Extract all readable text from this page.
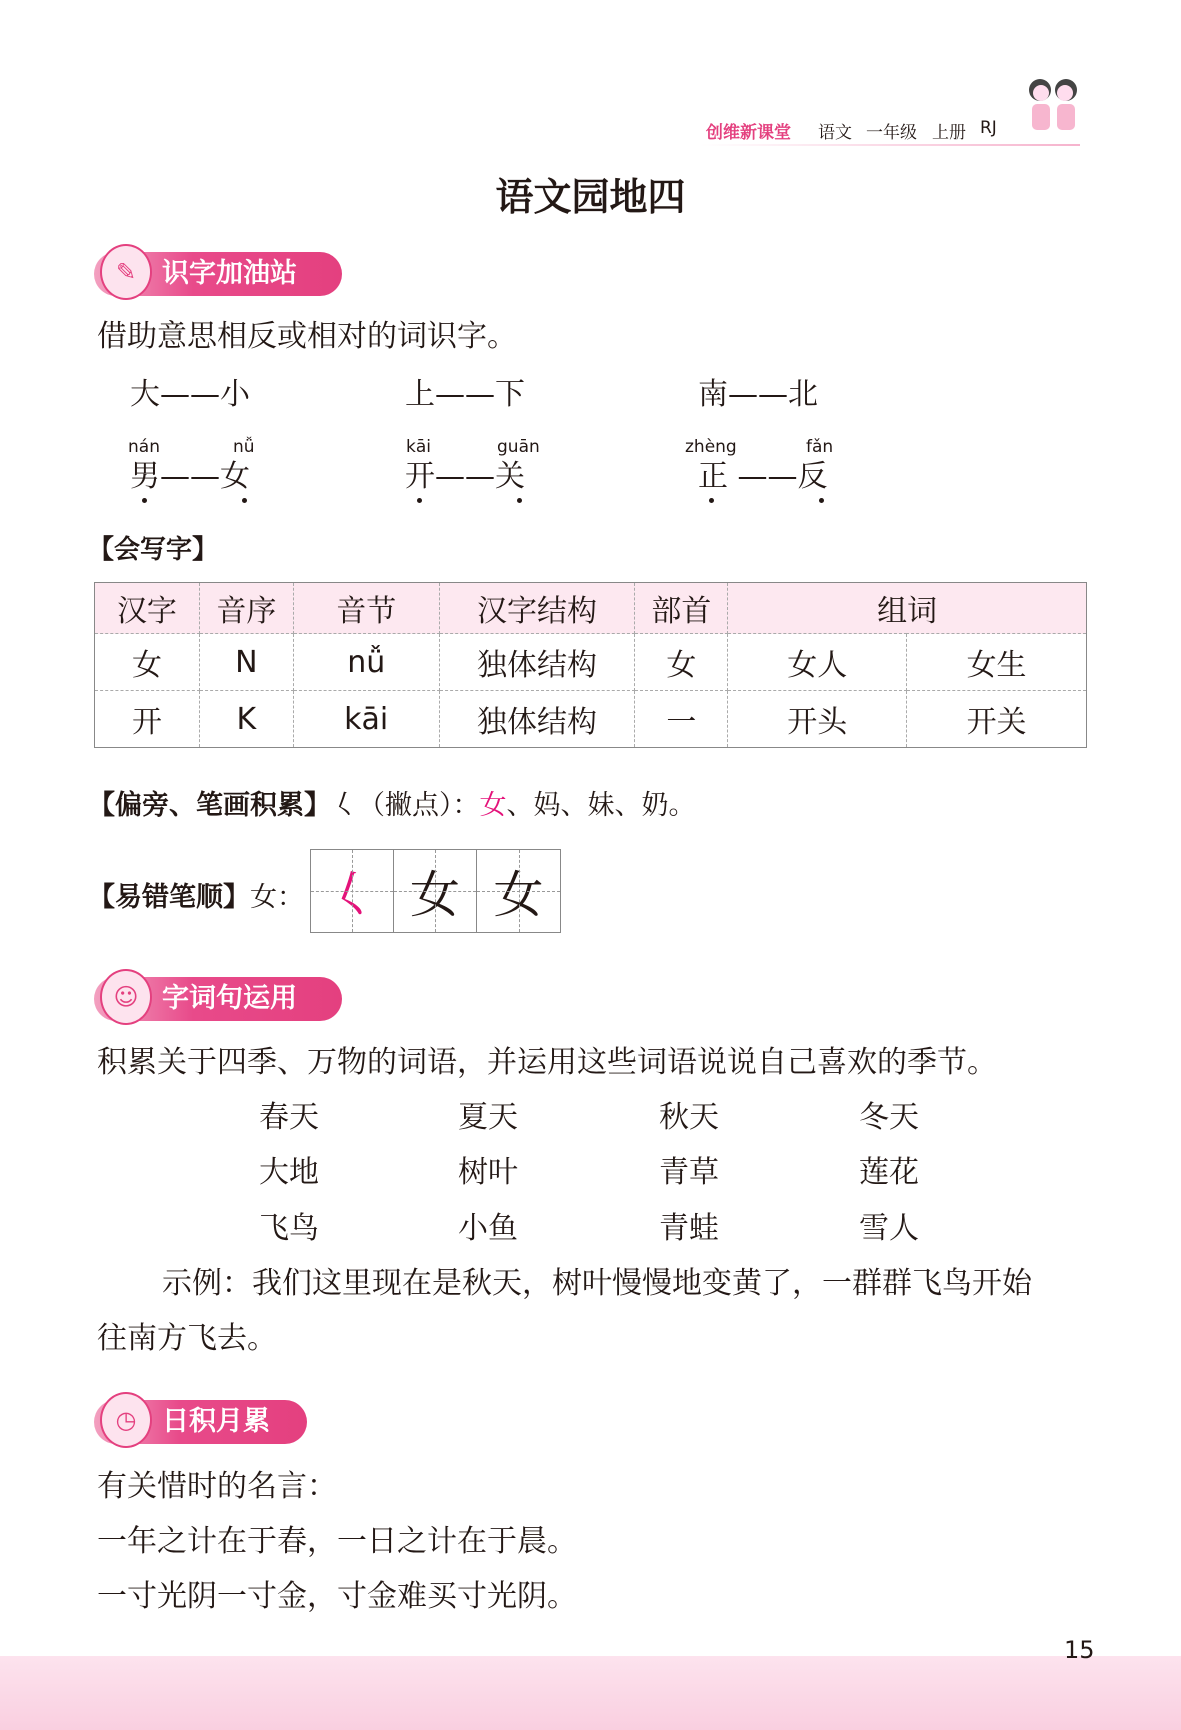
创维新课堂 语文 一年级 上册 RJ
语文园地四
✎ 识字加油站
借助意思相反或相对的词识字。
大——小	上——下	南——北
nán	nǚ	kāi	guān	zhèng	fǎn
男——女	开——关	正 ——反
【会写字】
汉字	音序	音节	汉字结构	部首	组词	
女	N	nǚ	独体结构	女	女人	女生
开	K	kāi	独体结构	一	开头	开关
【偏旁、笔画积累】𡿨（撇点）：女、妈、妹、奶。
【易错笔顺】女： 𡿨 女 女
☺ 字词句运用
积累关于四季、万物的词语，并运用这些词语说说自己喜欢的季节。
春天	夏天	秋天	冬天
大地	树叶	青草	莲花
飞鸟	小鱼	青蛙	雪人
示例：我们这里现在是秋天，树叶慢慢地变黄了，一群群飞鸟开始
往南方飞去。
◷ 日积月累
有关惜时的名言：
一年之计在于春，一日之计在于晨。
一寸光阴一寸金，寸金难买寸光阴。
15
